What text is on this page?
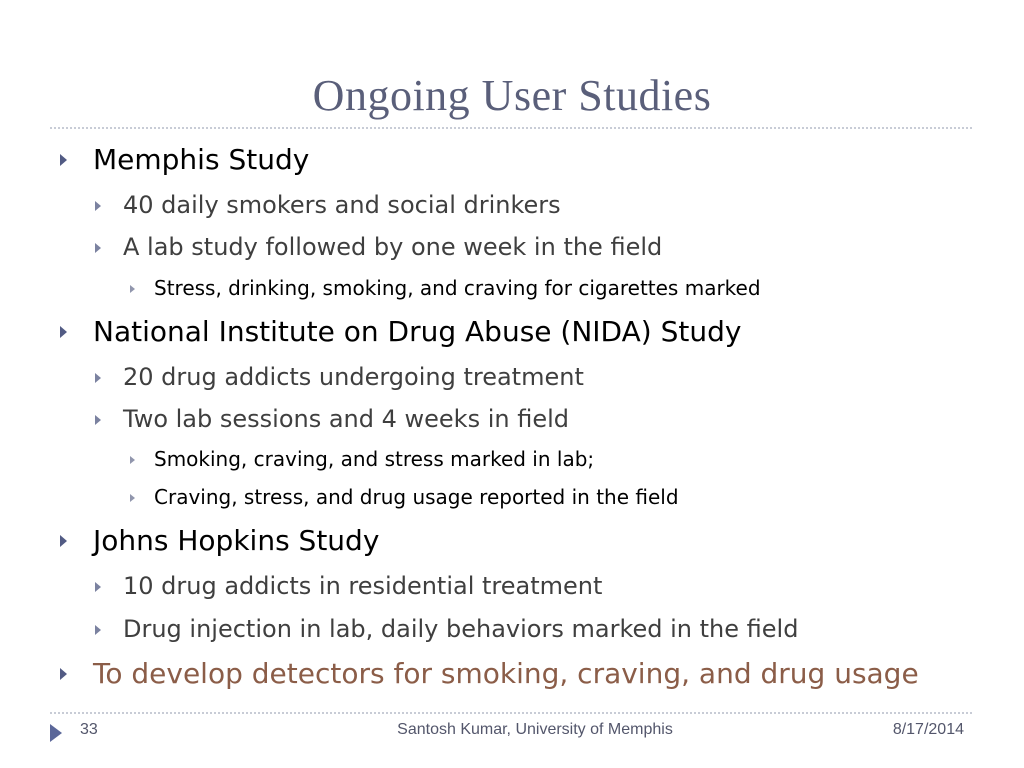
Ongoing User Studies
Memphis Study
40 daily smokers and social drinkers
A lab study followed by one week in the field
Stress, drinking, smoking, and craving for cigarettes marked
National Institute on Drug Abuse (NIDA) Study
20 drug addicts undergoing treatment
Two lab sessions and 4 weeks in field
Smoking, craving, and stress marked in lab;
Craving, stress, and drug usage reported in the field
Johns Hopkins Study
10 drug addicts in residential treatment
Drug injection in lab, daily behaviors marked in the field
To develop detectors for smoking, craving, and drug usage
33	Santosh Kumar, University of Memphis	8/17/2014
